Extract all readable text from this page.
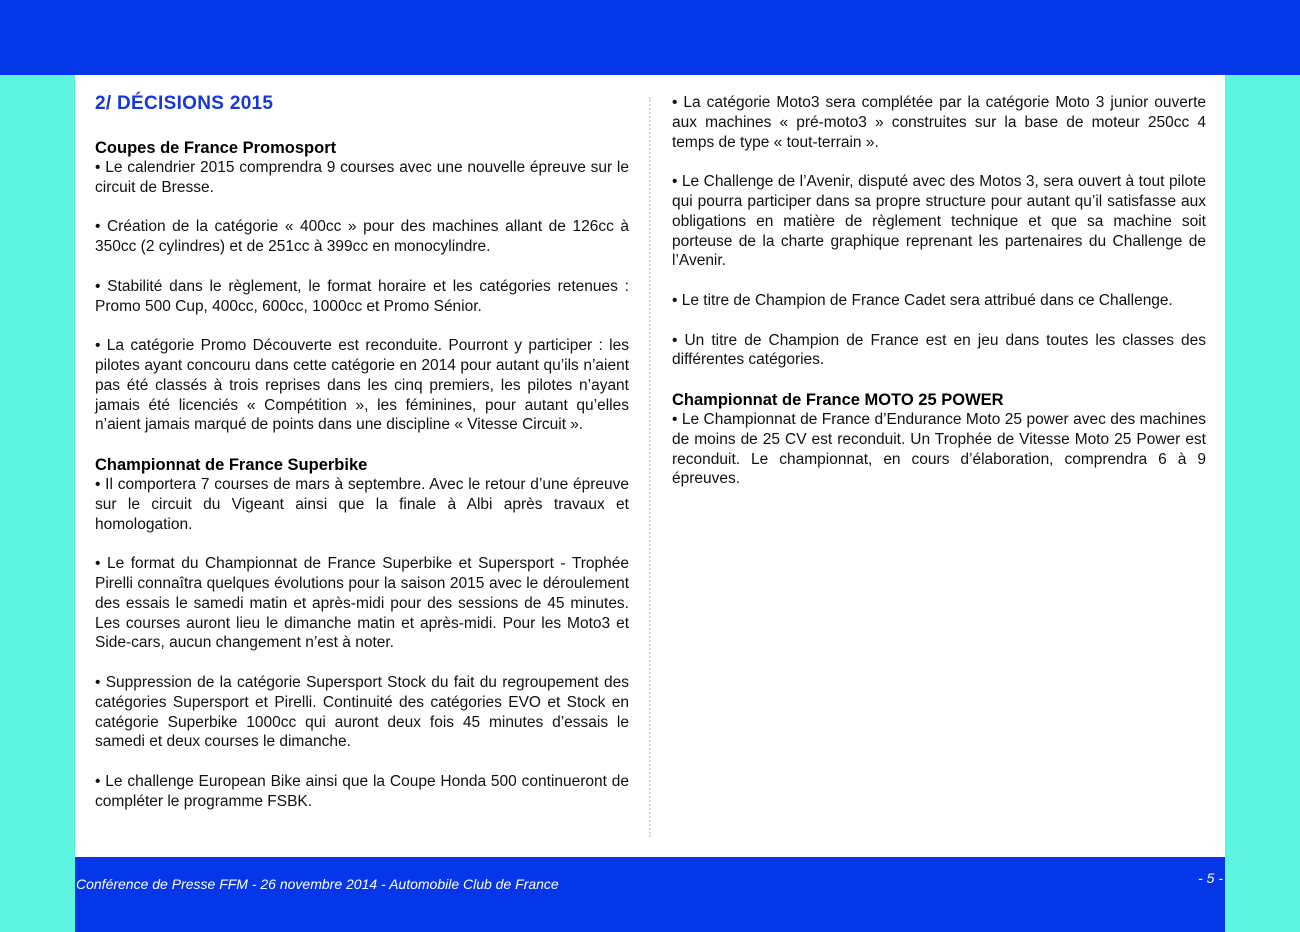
2/ DÉCISIONS 2015
Coupes de France Promosport

• Le calendrier 2015 comprendra 9 courses avec une nouvelle épreuve sur le circuit de Bresse.

• Création de la catégorie « 400cc » pour des machines allant de 126cc à 350cc (2 cylindres) et de 251cc à 399cc en monocylindre.

• Stabilité dans le règlement, le format horaire et les catégories retenues : Promo 500 Cup, 400cc, 600cc, 1000cc et Promo Sénior.

• La catégorie Promo Découverte est reconduite. Pourront y participer : les pilotes ayant concouru dans cette catégorie en 2014 pour autant qu’ils n’aient pas été classés à trois reprises dans les cinq premiers, les pilotes n’ayant jamais été licenciés « Compétition », les féminines, pour autant qu’elles n’aient jamais marqué de points dans une discipline « Vitesse Circuit ».

Championnat de France Superbike

• Il comportera 7 courses de mars à septembre. Avec le retour d’une épreuve sur le circuit du Vigeant ainsi que la finale à Albi après travaux et homologation.

• Le format du Championnat de France Superbike et Supersport - Trophée Pirelli connaîtra quelques évolutions pour la saison 2015 avec le déroulement des essais le samedi matin et après-midi pour des sessions de 45 minutes. Les courses auront lieu le dimanche matin et après-midi. Pour les Moto3 et Side-cars, aucun changement n’est à noter.

• Suppression de la catégorie Supersport Stock du fait du regroupement des catégories Supersport et Pirelli. Continuité des catégories EVO et Stock en catégorie Superbike 1000cc qui auront deux fois 45 minutes d’essais le samedi et deux courses le dimanche.

• Le challenge European Bike ainsi que la Coupe Honda 500 continueront de compléter le programme FSBK.

• La catégorie Moto3 sera complétée par la catégorie Moto 3 junior ouverte aux machines « pré-moto3 » construites sur la base de moteur 250cc 4 temps de type « tout-terrain ».

• Le Challenge de l’Avenir, disputé avec des Motos 3, sera ouvert à tout pilote qui pourra participer dans sa propre structure pour autant qu’il satisfasse aux obligations en matière de règlement technique et que sa machine soit porteuse de la charte graphique reprenant les partenaires du Challenge de l’Avenir.

• Le titre de Champion de France Cadet sera attribué dans ce Challenge.

• Un titre de Champion de France est en jeu dans toutes les classes des différentes catégories.

Championnat de France MOTO 25 POWER

• Le Championnat de France d’Endurance Moto 25 power avec des machines de moins de 25 CV est reconduit. Un Trophée de Vitesse Moto 25 Power est reconduit. Le championnat, en cours d’élaboration, comprendra 6 à 9 épreuves.

Conférence de Presse FFM - 26 novembre 2014 - Automobile Club de France	- 5 -
